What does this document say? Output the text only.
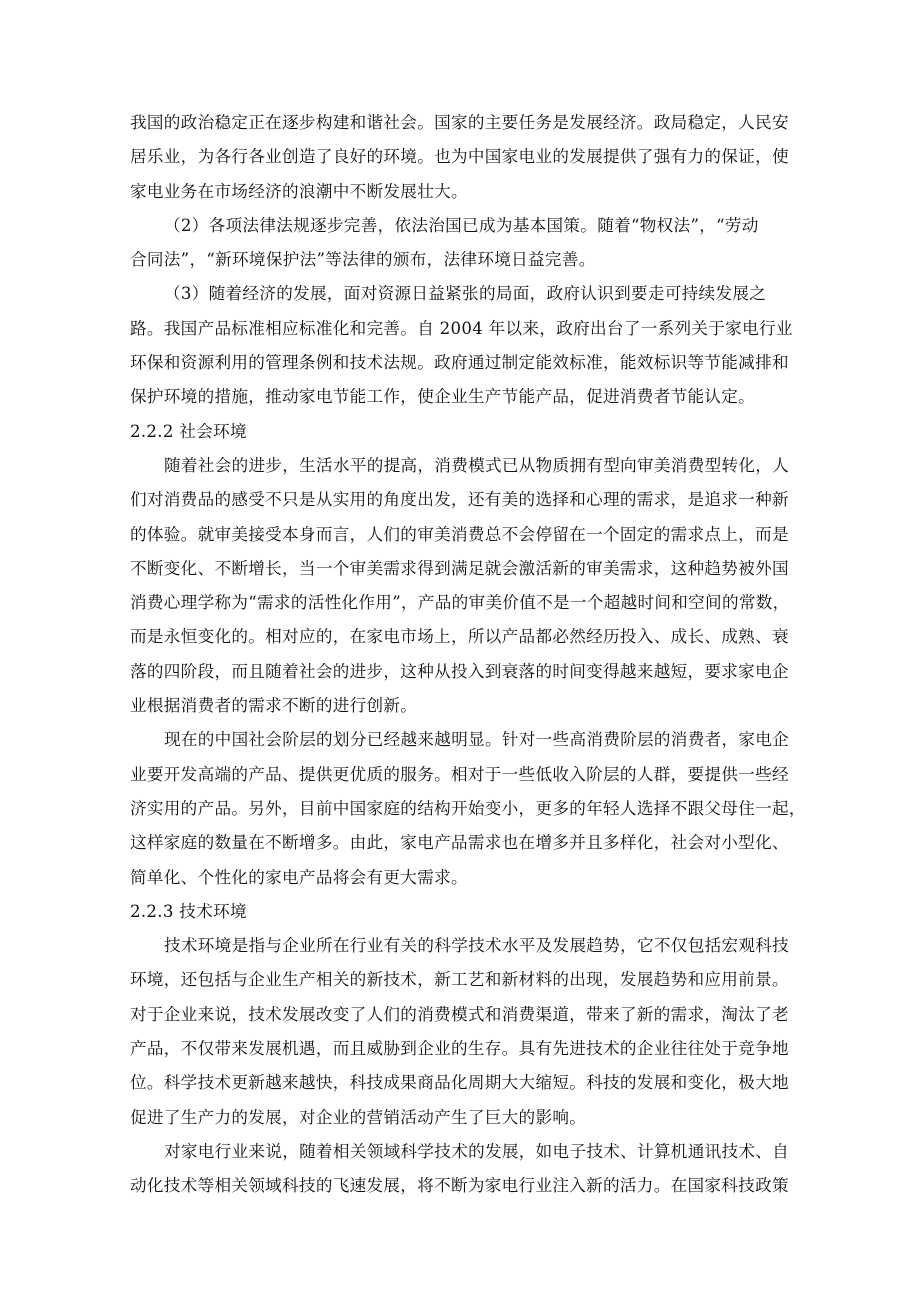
我国的政治稳定正在逐步构建和谐社会。国家的主要任务是发展经济。政局稳定，人民安
居乐业，为各行各业创造了良好的环境。也为中国家电业的发展提供了强有力的保证，使
家电业务在市场经济的浪潮中不断发展壮大。
（2）各项法律法规逐步完善，依法治国已成为基本国策。随着“物权法”，“劳动
合同法”，“新环境保护法”等法律的颁布，法律环境日益完善。
（3）随着经济的发展，面对资源日益紧张的局面，政府认识到要走可持续发展之
路。我国产品标准相应标准化和完善。自 2004 年以来，政府出台了一系列关于家电行业
环保和资源利用的管理条例和技术法规。政府通过制定能效标准，能效标识等节能减排和
保护环境的措施，推动家电节能工作，使企业生产节能产品，促进消费者节能认定。
2.2.2 社会环境
随着社会的进步，生活水平的提高，消费模式已从物质拥有型向审美消费型转化，人
们对消费品的感受不只是从实用的角度出发，还有美的选择和心理的需求，是追求一种新
的体验。就审美接受本身而言，人们的审美消费总不会停留在一个固定的需求点上，而是
不断变化、不断增长，当一个审美需求得到满足就会激活新的审美需求，这种趋势被外国
消费心理学称为“需求的活性化作用”，产品的审美价值不是一个超越时间和空间的常数，
而是永恒变化的。相对应的，在家电市场上，所以产品都必然经历投入、成长、成熟、衰
落的四阶段，而且随着社会的进步，这种从投入到衰落的时间变得越来越短，要求家电企
业根据消费者的需求不断的进行创新。
现在的中国社会阶层的划分已经越来越明显。针对一些高消费阶层的消费者，家电企
业要开发高端的产品、提供更优质的服务。相对于一些低收入阶层的人群，要提供一些经
济实用的产品。另外，目前中国家庭的结构开始变小，更多的年轻人选择不跟父母住一起，
这样家庭的数量在不断增多。由此，家电产品需求也在增多并且多样化，社会对小型化、
简单化、个性化的家电产品将会有更大需求。
2.2.3 技术环境
技术环境是指与企业所在行业有关的科学技术水平及发展趋势，它不仅包括宏观科技
环境，还包括与企业生产相关的新技术，新工艺和新材料的出现，发展趋势和应用前景。
对于企业来说，技术发展改变了人们的消费模式和消费渠道，带来了新的需求，淘汰了老
产品，不仅带来发展机遇，而且威胁到企业的生存。具有先进技术的企业往往处于竞争地
位。科学技术更新越来越快，科技成果商品化周期大大缩短。科技的发展和变化，极大地
促进了生产力的发展，对企业的营销活动产生了巨大的影响。
对家电行业来说，随着相关领域科学技术的发展，如电子技术、计算机通讯技术、自
动化技术等相关领域科技的飞速发展，将不断为家电行业注入新的活力。在国家科技政策
